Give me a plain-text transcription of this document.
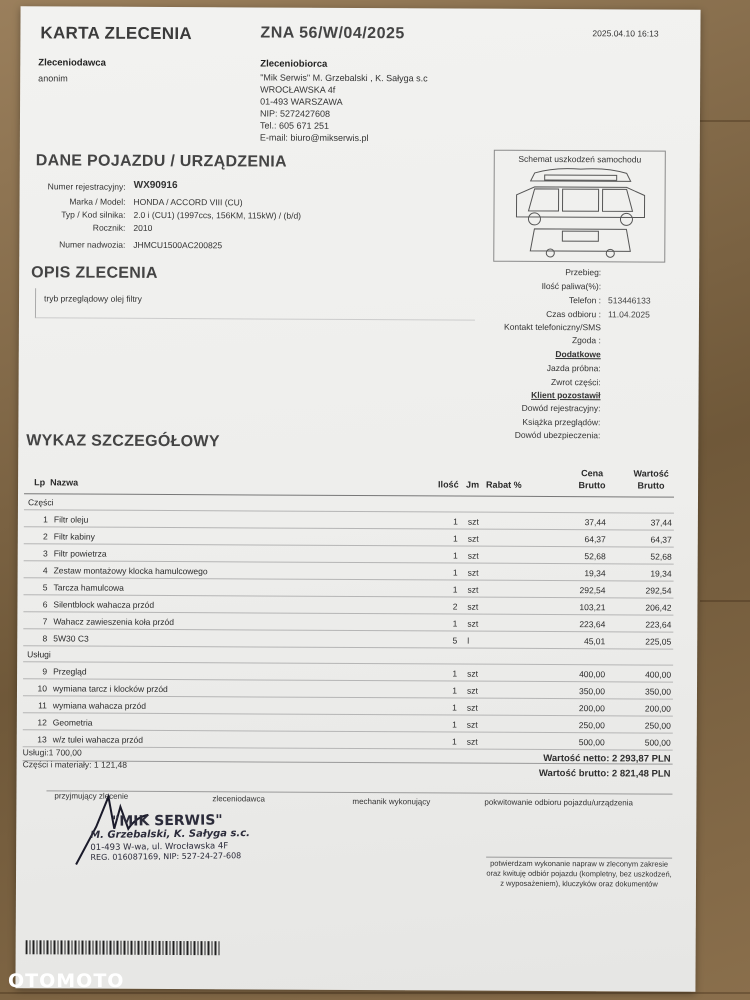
KARTA ZLECENIA	ZNA 56/W/04/2025	2025.04.10 16:13
Zleceniodawca
anonim
Zleceniobiorca
"Mik Serwis" M. Grzebalski , K. Sałyga s.c
WROCŁAWSKA 4f
01-493 WARSZAWA
NIP: 5272427608
Tel.: 605 671 251
E-mail: biuro@mikserwis.pl
DANE POJAZDU / URZĄDZENIA
Numer rejestracyjny: WX90916
Marka / Model: HONDA / ACCORD VIII (CU)
Typ / Kod silnika: 2.0 i (CU1) (1997ccs, 156KM, 115kW) / (b/d)
Rocznik: 2010
Numer nadwozia: JHMCU1500AC200825
Schemat uszkodzeń samochodu
OPIS ZLECENIA
tryb przeglądowy olej filtry
Przebieg:
Ilość paliwa(%):
Telefon : 513446133
Czas odbioru : 11.04.2025
Kontakt telefoniczny/SMS
Zgoda :
Dodatkowe
Jazda próbna:
Zwrot części:
Klient pozostawił
Dowód rejestracyjny:
Książka przeglądów:
Dowód ubezpieczenia:
WYKAZ SZCZEGÓŁOWY
Lp Nazwa	Ilość Jm Rabat %
Cena
Brutto
Wartość
Brutto
Części
1 Filtr oleju	1 szt	37,44	37,44
2 Filtr kabiny	1 szt	64,37	64,37
3 Filtr powietrza	1 szt	52,68	52,68
4 Zestaw montażowy klocka hamulcowego	1 szt	19,34	19,34
5 Tarcza hamulcowa	1 szt	292,54	292,54
6 Silentblock wahacza przód	2 szt	103,21	206,42
7 Wahacz zawieszenia koła przód	1 szt	223,64	223,64
8 5W30 C3	5 l	45,01	225,05
Usługi
9 Przegląd	1 szt	400,00	400,00
10 wymiana tarcz i klocków przód	1 szt	350,00	350,00
11 wymiana wahacza przód	1 szt	200,00	200,00
12 Geometria	1 szt	250,00	250,00
13 w/z tulei wahacza przód	1 szt	500,00	500,00
Usługi:1 700,00
Części i materiały: 1 121,48	Wartość netto: 2 293,87 PLN
Wartość brutto: 2 821,48 PLN
przyjmujący zlecenie	zleceniodawca	mechanik wykonujący	pokwitowanie odbioru pojazdu/urządzenia
"MIK SERWIS"
M. Grzebalski, K. Sałyga s.c.
01-493 W-wa, ul. Wrocławska 4F
REG. 016087169, NIP: 527-24-27-608
potwierdzam wykonanie napraw w zleconym zakresie oraz kwituję odbiór pojazdu (kompletny, bez uszkodzeń, z wyposażeniem), kluczyków oraz dokumentów
OTOMOTO
